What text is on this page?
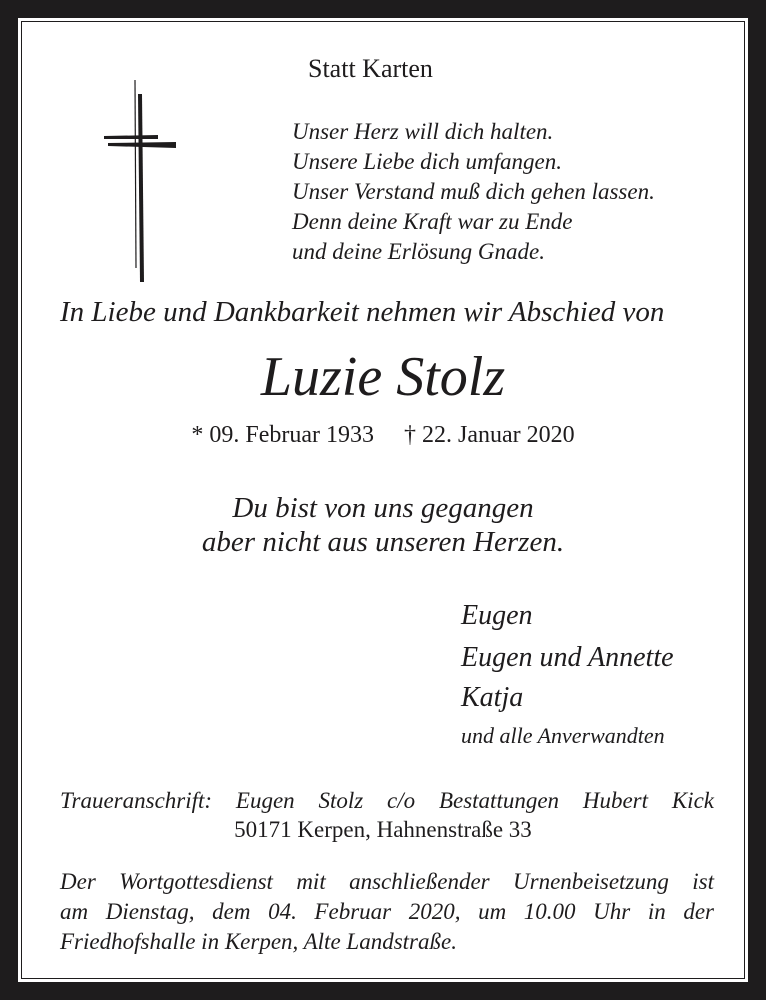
Statt Karten
Unser Herz will dich halten.
Unsere Liebe dich umfangen.
Unser Verstand muß dich gehen lassen.
Denn deine Kraft war zu Ende
und deine Erlösung Gnade.
In Liebe und Dankbarkeit nehmen wir Abschied von
Luzie Stolz
* 09. Februar 1933 † 22. Januar 2020
Du bist von uns gegangen
aber nicht aus unseren Herzen.
Eugen
Eugen und Annette
Katja
und alle Anverwandten
Traueranschrift: Eugen Stolz c/o Bestattungen Hubert Kick
50171 Kerpen, Hahnenstraße 33
Der Wortgottesdienst mit anschließender Urnenbeisetzung ist
am Dienstag, dem 04. Februar 2020, um 10.00 Uhr in der
Friedhofshalle in Kerpen, Alte Landstraße.
